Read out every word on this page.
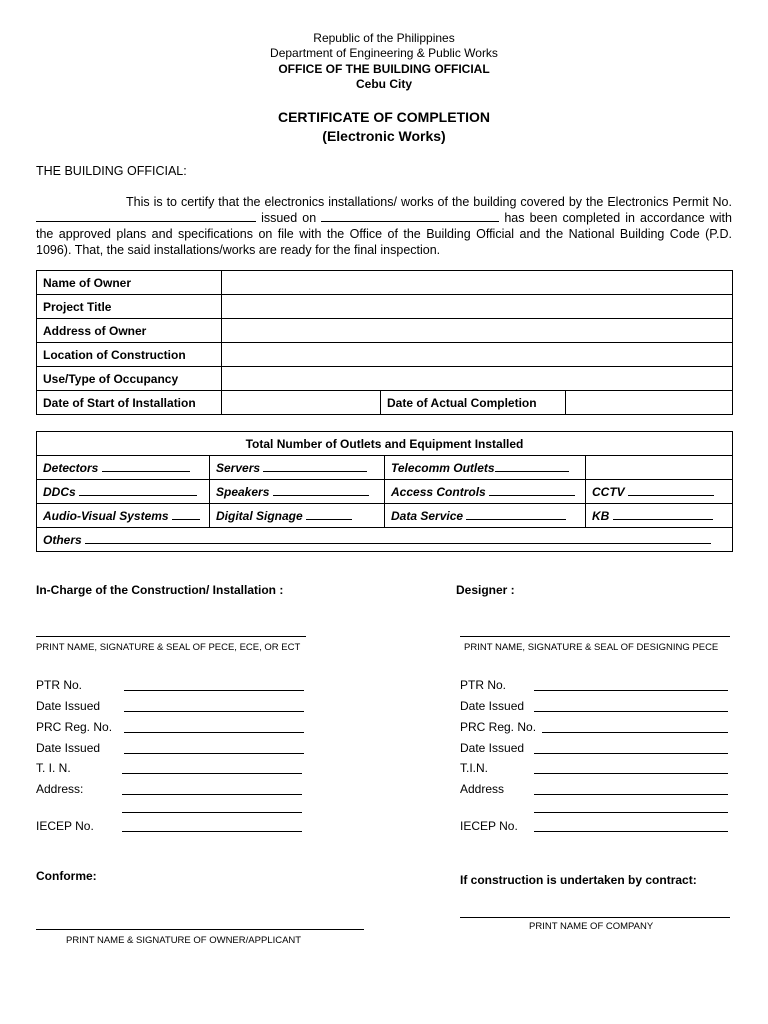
Republic of the Philippines
Department of Engineering & Public Works
OFFICE OF THE BUILDING OFFICIAL
Cebu City
CERTIFICATE OF COMPLETION
(Electronic Works)
THE BUILDING OFFICIAL:
This is to certify that the electronics installations/ works of the building covered by the Electronics Permit No.  issued on	has been completed in accordance with the approved plans and specifications on file with the Office of the Building Official and the National Building Code (P.D. 1096). That, the said installations/works are ready for the final inspection.
Name of Owner			
Project Title			
Address of Owner			
Location of Construction			
Use/Type of Occupancy			
Date of Start of Installation		Date of Actual Completion	
Total Number of Outlets and Equipment Installed			
Detectors	Servers	Telecomm Outlets	
DDCs	Speakers	Access Controls	CCTV
Audio-Visual Systems	Digital Signage	Data Service	KB
Others			
In-Charge of the Construction/ Installation :
PRINT NAME, SIGNATURE & SEAL OF PECE, ECE, OR ECT
PTR No.
Date Issued
PRC Reg. No.
Date Issued
T. I. N.
Address:
IECEP No.
Designer :
PRINT NAME, SIGNATURE & SEAL OF DESIGNING PECE
PTR No.
Date Issued
PRC Reg. No.
Date Issued
T.I.N.
Address
IECEP No.
Conforme:
PRINT NAME & SIGNATURE OF OWNER/APPLICANT
If construction is undertaken by contract:
PRINT NAME OF COMPANY
